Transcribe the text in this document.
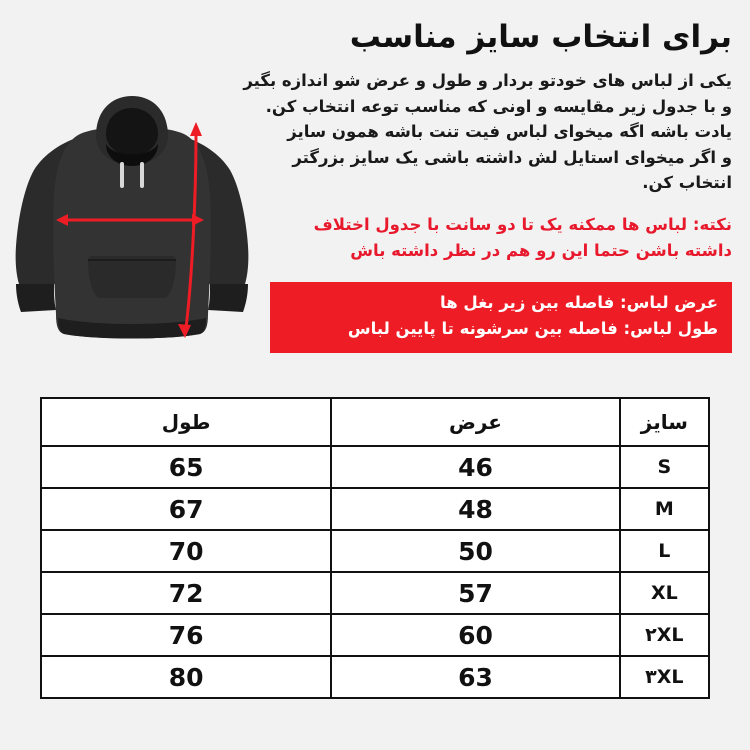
برای انتخاب سایز مناسب

یکی از لباس های خودتو بردار و طول و عرض شو اندازه بگیر

و با جدول زیر مقایسه و اونی که مناسب توعه انتخاب کن.

یادت باشه اگه میخوای لباس فیت تنت باشه همون سایز

و اگر میخوای استایل لش داشته باشی یک سایز بزرگتر

انتخاب کن.

نکته: لباس ها ممکنه یک تا دو سانت با جدول اختلاف

داشته باشن حتما این رو هم در نظر داشته باش

عرض لباس: فاصله بین زیر بغل ها

طول لباس: فاصله بین سرشونه تا پایین لباس

سایز	عرض	طول
S	46	65
M	48	67
L	50	70
XL	57	72
۲XL	60	76
۳XL	63	80
